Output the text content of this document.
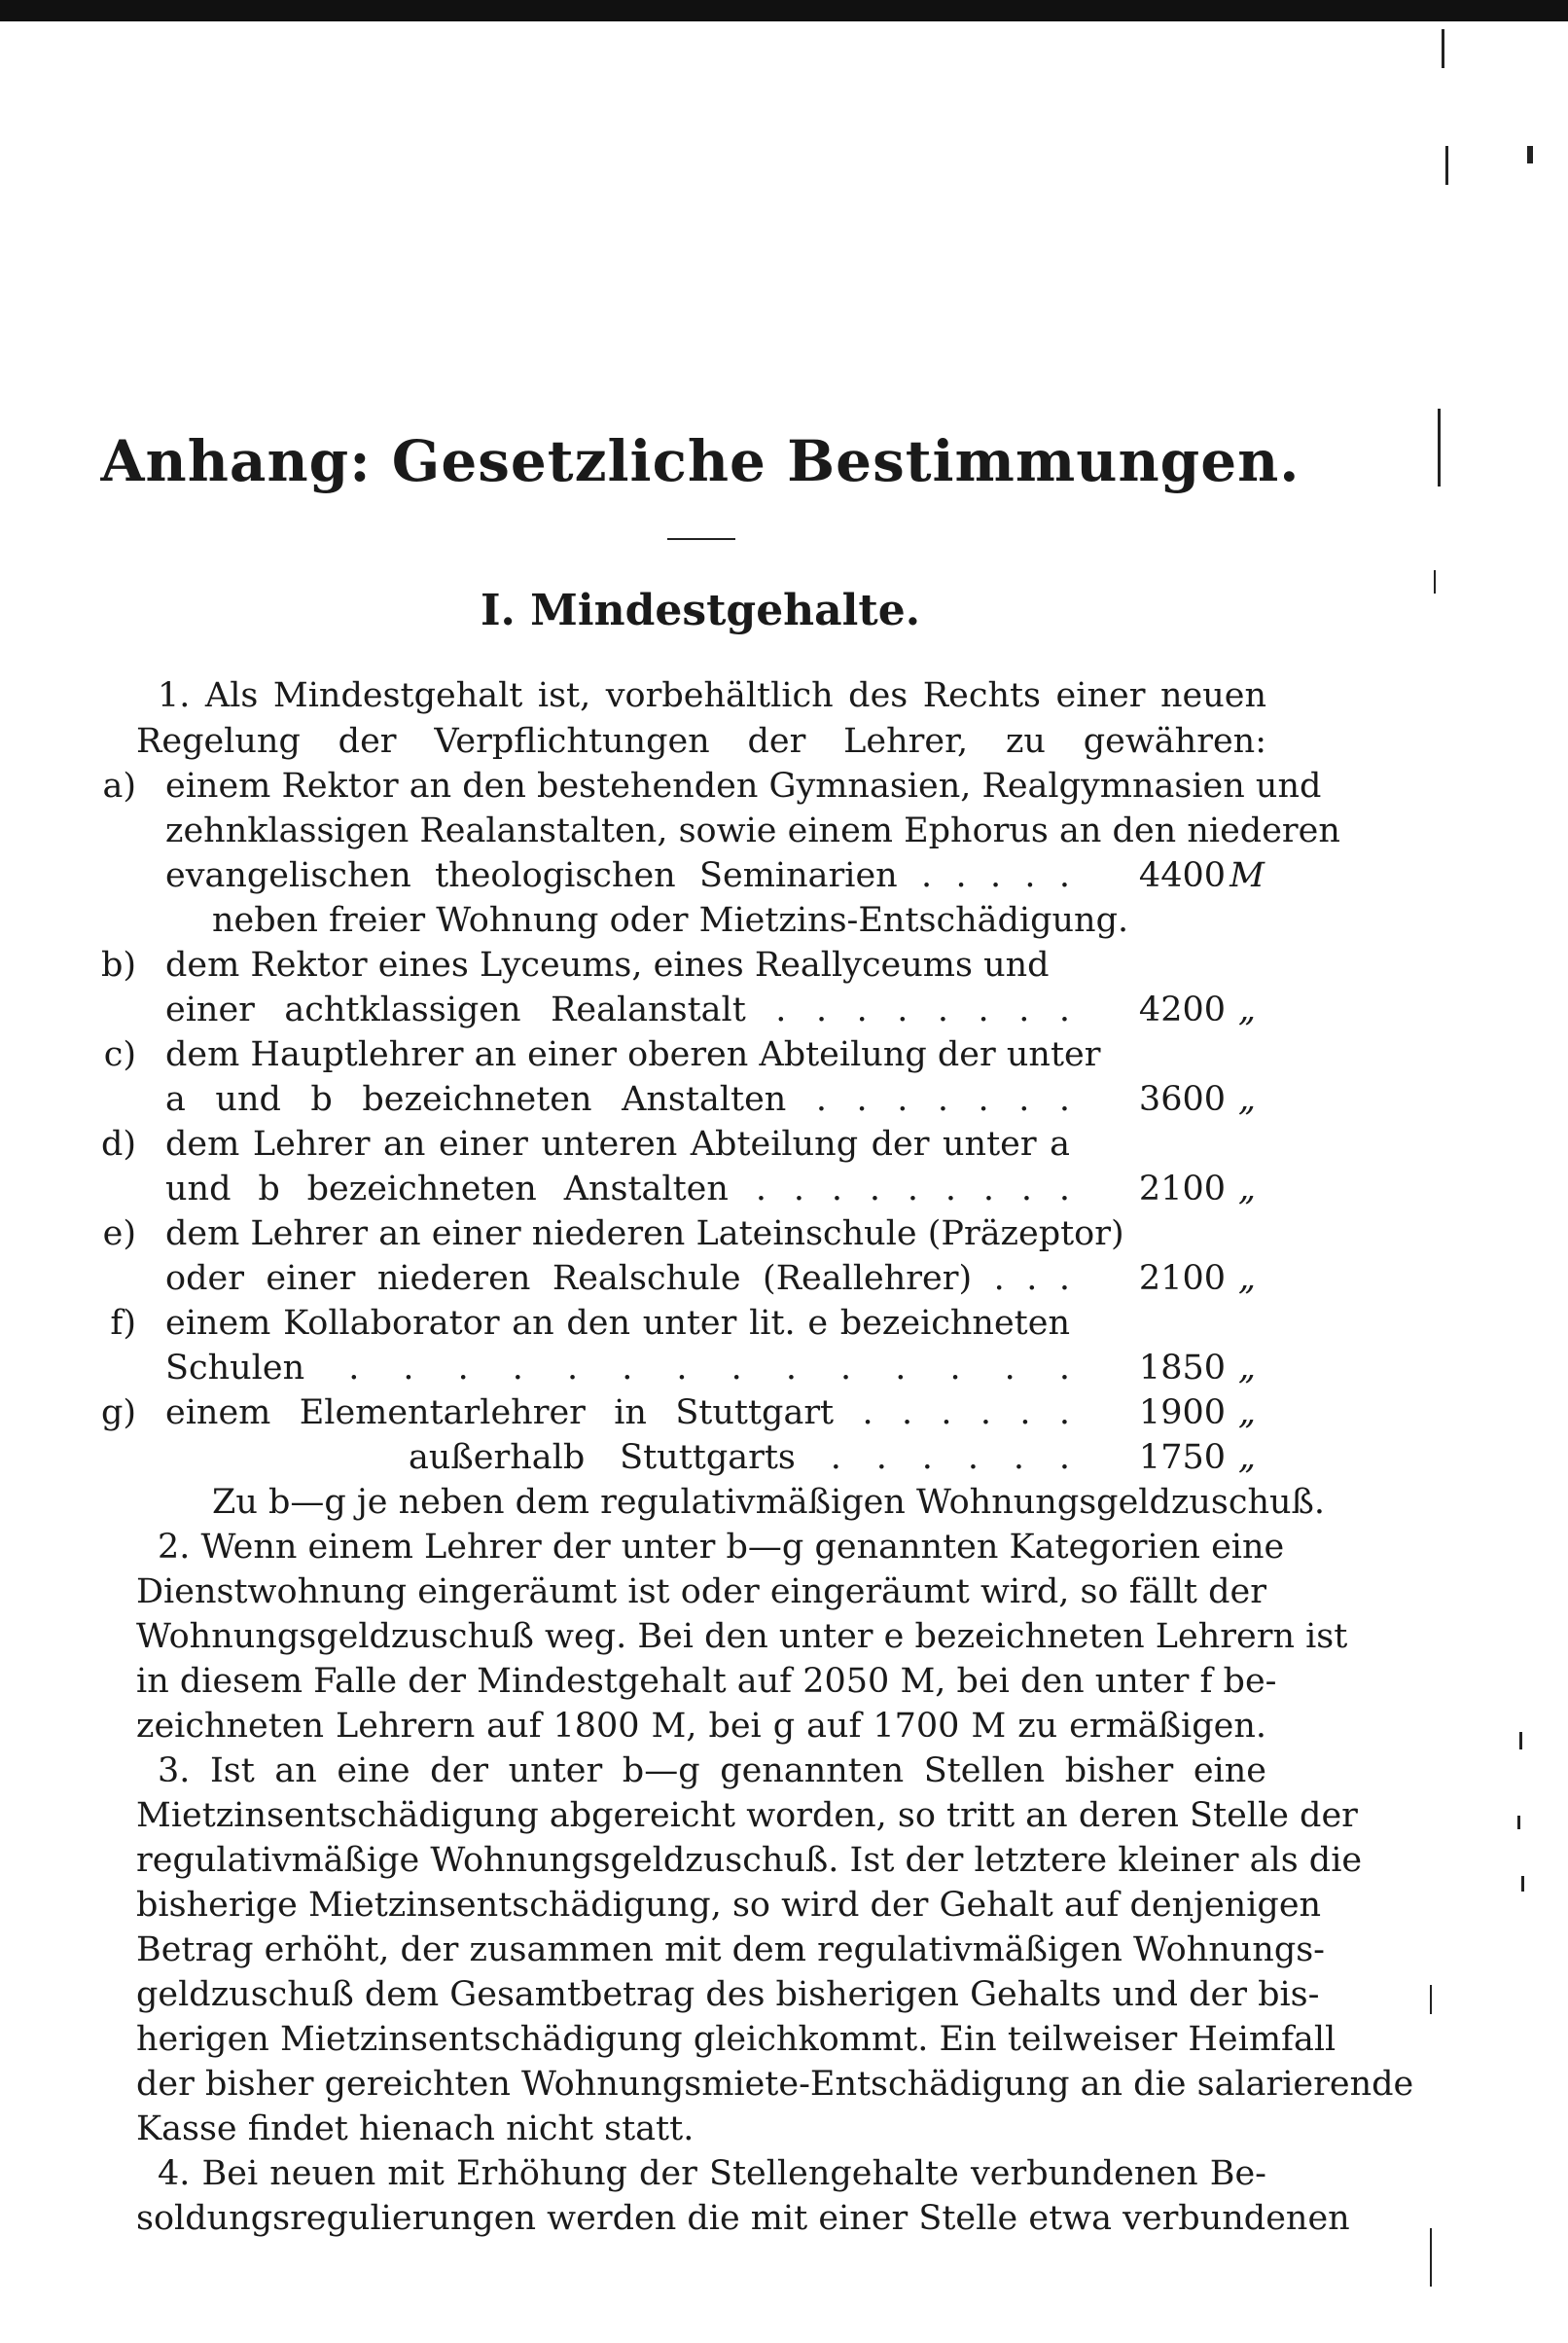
Anhang: Gesetzliche Bestimmungen.
I. Mindestgehalte.
1. Als Mindestgehalt ist, vorbehältlich des Rechts einer neuen
Regelung der Verpflichtungen der Lehrer, zu gewähren:
a) einem Rektor an den bestehenden Gymnasien, Realgymnasien und
zehnklassigen Realanstalten, sowie einem Ephorus an den niederen
evangelischen theologischen Seminarien . . . . .	4400 M
neben freier Wohnung oder Mietzins-Entschädigung.
b) dem Rektor eines Lyceums, eines Reallyceums und
einer achtklassigen Realanstalt . . . . . . . .	4200 „
c) dem Hauptlehrer an einer oberen Abteilung der unter
a und b bezeichneten Anstalten . . . . . . .	3600 „
d) dem Lehrer an einer unteren Abteilung der unter a
und b bezeichneten Anstalten . . . . . . . . .	2100 „
e) dem Lehrer an einer niederen Lateinschule (Präzeptor)
oder einer niederen Realschule (Reallehrer) . . .	2100 „
f) einem Kollaborator an den unter lit. e bezeichneten
Schulen . . . . . . . . . . . . . .	1850 „
g) einem Elementarlehrer in Stuttgart . . . . . .	1900 „
außerhalb Stuttgarts . . . . . .	1750 „
Zu b—g je neben dem regulativmäßigen Wohnungsgeldzuschuß.
2. Wenn einem Lehrer der unter b—g genannten Kategorien eine
Dienstwohnung eingeräumt ist oder eingeräumt wird, so fällt der
Wohnungsgeldzuschuß weg. Bei den unter e bezeichneten Lehrern ist
in diesem Falle der Mindestgehalt auf 2050 M, bei den unter f be-
zeichneten Lehrern auf 1800 M, bei g auf 1700 M zu ermäßigen.
3. Ist an eine der unter b—g genannten Stellen bisher eine
Mietzinsentschädigung abgereicht worden, so tritt an deren Stelle der
regulativmäßige Wohnungsgeldzuschuß. Ist der letztere kleiner als die
bisherige Mietzinsentschädigung, so wird der Gehalt auf denjenigen
Betrag erhöht, der zusammen mit dem regulativmäßigen Wohnungs-
geldzuschuß dem Gesamtbetrag des bisherigen Gehalts und der bis-
herigen Mietzinsentschädigung gleichkommt. Ein teilweiser Heimfall
der bisher gereichten Wohnungsmiete-Entschädigung an die salarierende
Kasse findet hienach nicht statt.
4. Bei neuen mit Erhöhung der Stellengehalte verbundenen Be-
soldungsregulierungen werden die mit einer Stelle etwa verbundenen
